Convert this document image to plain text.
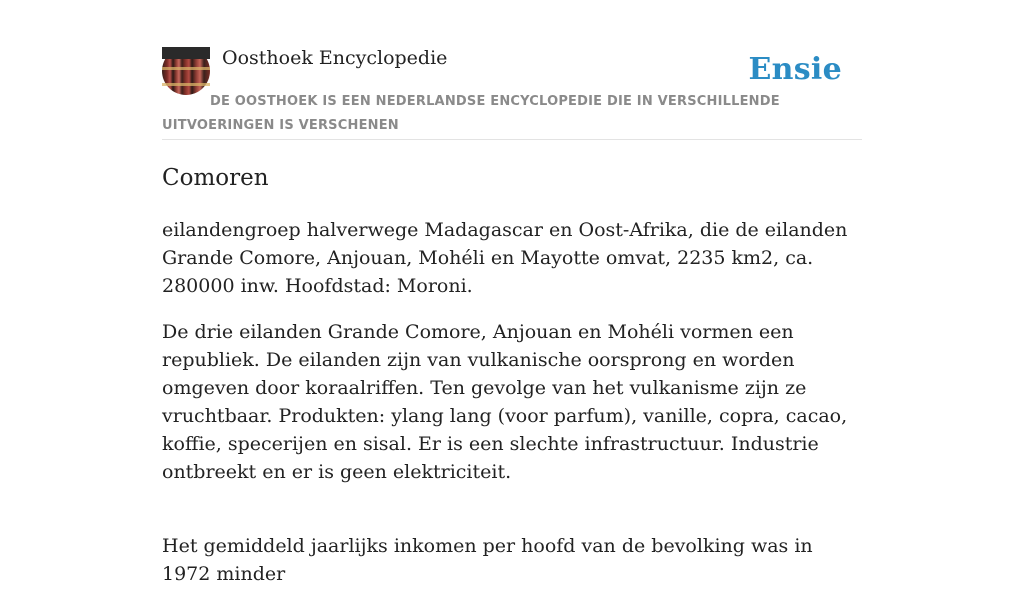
Oosthoek Encyclopedie	Ensie
DE OOSTHOEK IS EEN NEDERLANDSE ENCYCLOPEDIE DIE IN VERSCHILLENDE UITVOERINGEN IS VERSCHENEN
Comoren

eilandengroep halverwege Madagascar en Oost-Afrika, die de eilanden Grande Comore, Anjouan, Mohéli en Mayotte omvat, 2235 km2, ca. 280000 inw. Hoofdstad: Moroni.

De drie eilanden Grande Comore, Anjouan en Mohéli vormen een republiek. De eilanden zijn van vulkanische oorsprong en worden omgeven door koraalriffen. Ten gevolge van het vulkanisme zijn ze vruchtbaar. Produkten: ylang lang (voor parfum), vanille, copra, cacao, koffie, specerijen en sisal. Er is een slechte infrastructuur. Industrie ontbreekt en er is geen elektriciteit.

Het gemiddeld jaarlijks inkomen per hoofd van de bevolking was in 1972 minder
